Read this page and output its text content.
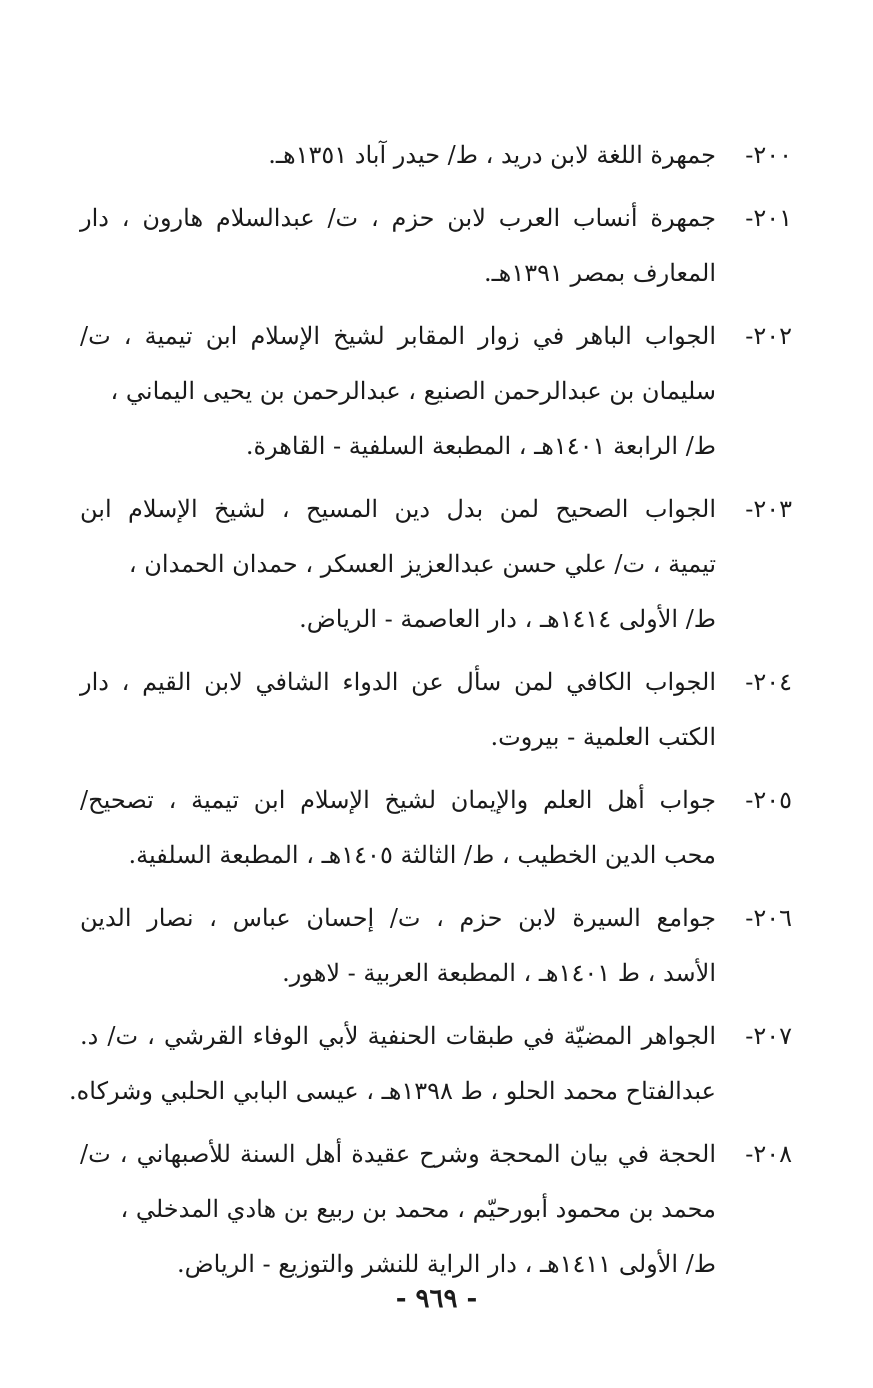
٢٠٠-جمهرة اللغة لابن دريد ، ط/ حيدر آباد ١٣٥١هـ.
٢٠١-جمهرة أنساب العرب لابن حزم ، ت/ عبدالسلام هارون ، دار
المعارف بمصر ١٣٩١هـ.
٢٠٢-الجواب الباهر في زوار المقابر لشيخ الإسلام ابن تيمية ، ت/
سليمان بن عبدالرحمن الصنيع ، عبدالرحمن بن يحيى اليماني ،
ط/ الرابعة ١٤٠١هـ ، المطبعة السلفية - القاهرة.
٢٠٣-الجواب الصحيح لمن بدل دين المسيح ، لشيخ الإسلام ابن
تيمية ، ت/ علي حسن عبدالعزيز العسكر ، حمدان الحمدان ،
ط/ الأولى ١٤١٤هـ ، دار العاصمة - الرياض.
٢٠٤-الجواب الكافي لمن سأل عن الدواء الشافي لابن القيم ، دار
الكتب العلمية - بيروت.
٢٠٥-جواب أهل العلم والإيمان لشيخ الإسلام ابن تيمية ، تصحيح/
محب الدين الخطيب ، ط/ الثالثة ١٤٠٥هـ ، المطبعة السلفية.
٢٠٦-جوامع السيرة لابن حزم ، ت/ إحسان عباس ، نصار الدين
الأسد ، ط ١٤٠١هـ ، المطبعة العربية - لاهور.
٢٠٧-الجواهر المضيّة في طبقات الحنفية لأبي الوفاء القرشي ، ت/ د.
عبدالفتاح محمد الحلو ، ط ١٣٩٨هـ ، عيسى البابي الحلبي وشركاه.
٢٠٨-الحجة في بيان المحجة وشرح عقيدة أهل السنة للأصبهاني ، ت/
محمد بن محمود أبورحيّم ، محمد بن ربيع بن هادي المدخلي ،
ط/ الأولى ١٤١١هـ ، دار الراية للنشر والتوزيع - الرياض.
- ٩٦٩ -
